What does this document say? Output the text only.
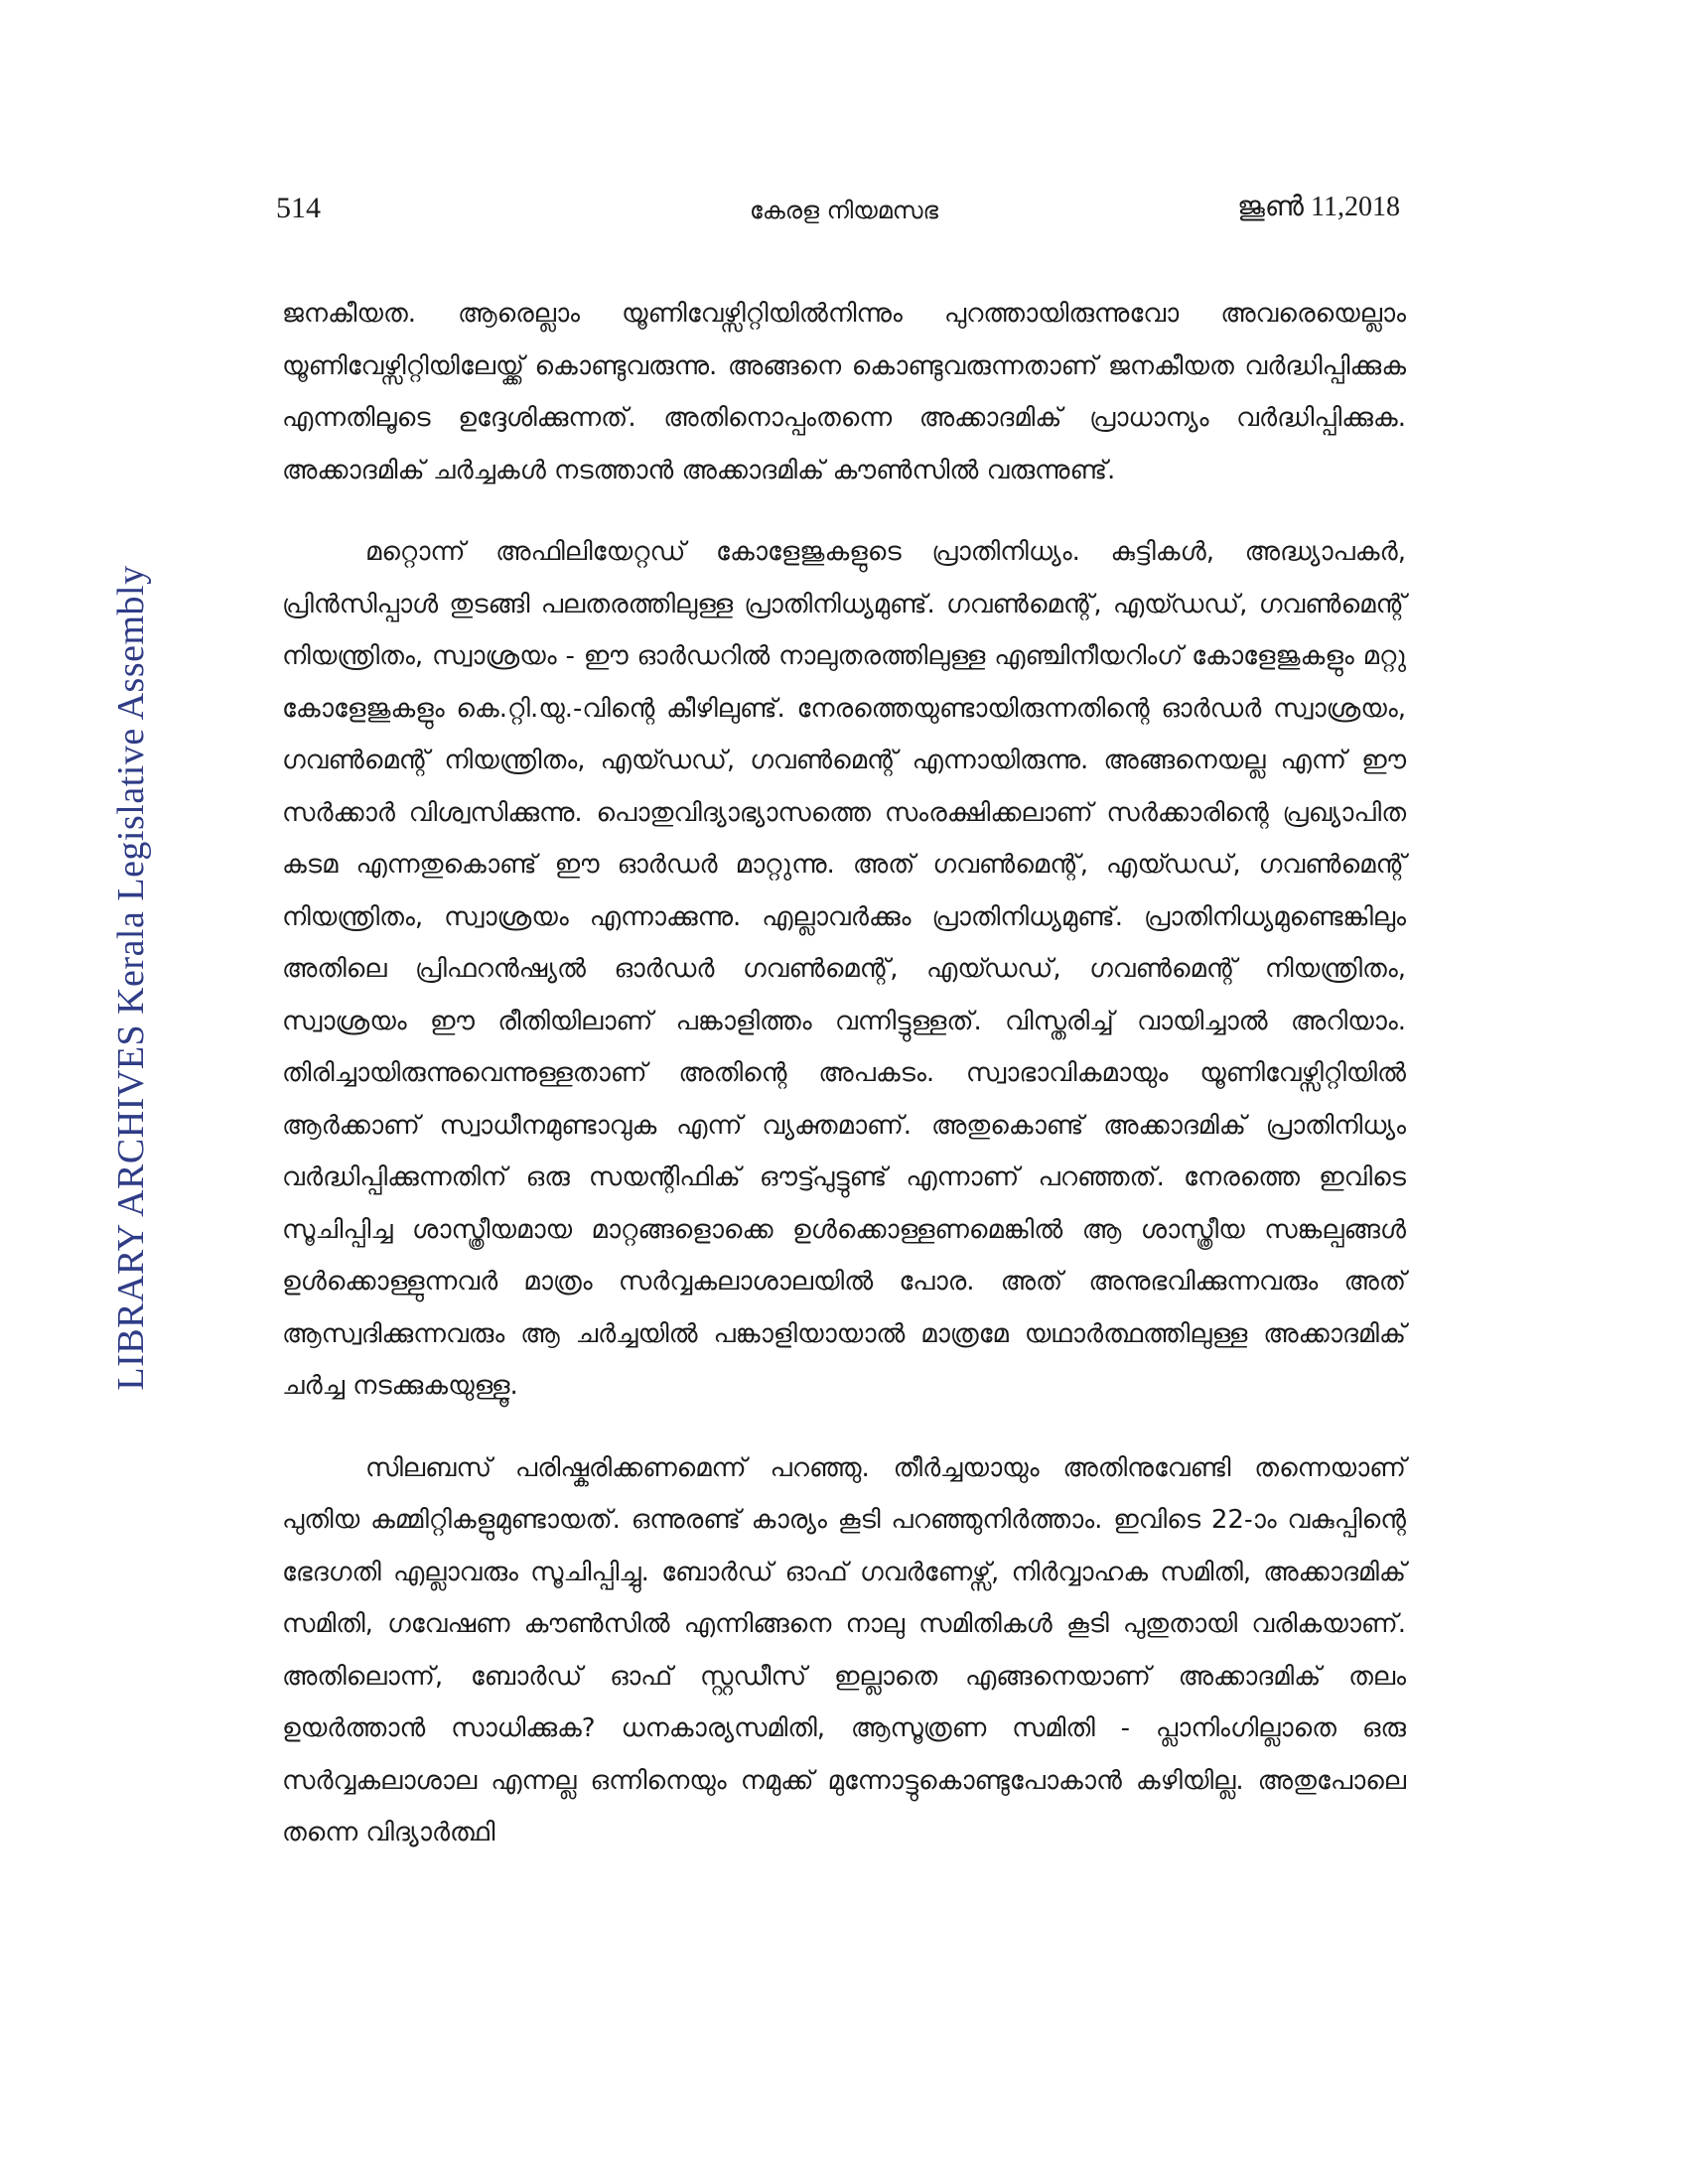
514	കേരള നിയമസഭ	ജൂൺ 11,2018
LIBRARY ARCHIVES Kerala Legislative Assembly

ജനകീയത. ആരെല്ലാം യൂണിവേഴ്സിറ്റിയിൽനിന്നും പുറത്തായിരുന്നുവോ അവരെയെല്ലാം യൂണിവേഴ്സിറ്റിയിലേയ്ക്ക് കൊണ്ടുവരുന്നു. അങ്ങനെ കൊണ്ടുവരുന്നതാണ് ജനകീയത വർദ്ധിപ്പിക്കുക എന്നതിലൂടെ ഉദ്ദേശിക്കുന്നത്. അതിനൊപ്പംതന്നെ അക്കാദമിക് പ്രാധാന്യം വർദ്ധിപ്പിക്കുക. അക്കാദമിക് ചർച്ചകൾ നടത്താൻ അക്കാദമിക് കൗൺസിൽ വരുന്നുണ്ട്.

മറ്റൊന്ന് അഫിലിയേറ്റഡ് കോളേജുകളുടെ പ്രാതിനിധ്യം. കുട്ടികൾ, അദ്ധ്യാപകർ, പ്രിൻസിപ്പാൾ തുടങ്ങി പലതരത്തിലുള്ള പ്രാതിനിധ്യമുണ്ട്. ഗവൺമെന്റ്, എയ്ഡഡ്, ഗവൺമെന്റ് നിയന്ത്രിതം, സ്വാശ്രയം - ഈ ഓർഡറിൽ നാലുതരത്തിലുള്ള എഞ്ചിനീയറിംഗ് കോളേജുകളും മറ്റു കോളേജുകളും കെ.റ്റി.യു.-വിന്റെ കീഴിലുണ്ട്. നേരത്തെയുണ്ടായിരുന്നതിന്റെ ഓർഡർ സ്വാശ്രയം, ഗവൺമെന്റ് നിയന്ത്രിതം, എയ്ഡഡ്, ഗവൺമെന്റ് എന്നായിരുന്നു. അങ്ങനെയല്ല എന്ന് ഈ സർക്കാർ വിശ്വസിക്കുന്നു. പൊതുവിദ്യാഭ്യാസത്തെ സംരക്ഷിക്കലാണ് സർക്കാരിന്റെ പ്രഖ്യാപിത കടമ എന്നതുകൊണ്ട് ഈ ഓർഡർ മാറ്റുന്നു. അത് ഗവൺമെന്റ്, എയ്ഡഡ്, ഗവൺമെന്റ് നിയന്ത്രിതം, സ്വാശ്രയം എന്നാക്കുന്നു. എല്ലാവർക്കും പ്രാതിനിധ്യമുണ്ട്. പ്രാതിനിധ്യമുണ്ടെങ്കിലും അതിലെ പ്രിഫറൻഷ്യൽ ഓർഡർ ഗവൺമെന്റ്, എയ്ഡഡ്, ഗവൺമെന്റ് നിയന്ത്രിതം, സ്വാശ്രയം ഈ രീതിയിലാണ് പങ്കാളിത്തം വന്നിട്ടുള്ളത്. വിസ്തരിച്ച് വായിച്ചാൽ അറിയാം. തിരിച്ചായിരുന്നുവെന്നുള്ളതാണ് അതിന്റെ അപകടം. സ്വാഭാവികമായും യൂണിവേഴ്സിറ്റിയിൽ ആർക്കാണ് സ്വാധീനമുണ്ടാവുക എന്ന് വ്യക്തമാണ്. അതുകൊണ്ട് അക്കാദമിക് പ്രാതിനിധ്യം വർദ്ധിപ്പിക്കുന്നതിന് ഒരു സയന്റിഫിക് ഔട്ട്പുട്ടുണ്ട് എന്നാണ് പറഞ്ഞത്. നേരത്തെ ഇവിടെ സൂചിപ്പിച്ച ശാസ്ത്രീയമായ മാറ്റങ്ങളൊക്കെ ഉൾക്കൊള്ളണമെങ്കിൽ ആ ശാസ്ത്രീയ സങ്കല്പങ്ങൾ ഉൾക്കൊള്ളുന്നവർ മാത്രം സർവ്വകലാശാലയിൽ പോര. അത് അനുഭവിക്കുന്നവരും അത് ആസ്വദിക്കുന്നവരും ആ ചർച്ചയിൽ പങ്കാളിയായാൽ മാത്രമേ യഥാർത്ഥത്തിലുള്ള അക്കാദമിക് ചർച്ച നടക്കുകയുള്ളൂ.

സിലബസ് പരിഷ്കരിക്കണമെന്ന് പറഞ്ഞു. തീർച്ചയായും അതിനുവേണ്ടി തന്നെയാണ് പുതിയ കമ്മിറ്റികളുമുണ്ടായത്. ഒന്നുരണ്ട് കാര്യം കൂടി പറഞ്ഞുനിർത്താം. ഇവിടെ 22-ാം വകുപ്പിന്റെ ഭേദഗതി എല്ലാവരും സൂചിപ്പിച്ചു. ബോർഡ് ഓഫ് ഗവർണേഴ്സ്, നിർവ്വാഹക സമിതി, അക്കാദമിക് സമിതി, ഗവേഷണ കൗൺസിൽ എന്നിങ്ങനെ നാലു സമിതികൾ കൂടി പുതുതായി വരികയാണ്. അതിലൊന്ന്, ബോർഡ് ഓഫ് സ്റ്റഡീസ് ഇല്ലാതെ എങ്ങനെയാണ് അക്കാദമിക് തലം ഉയർത്താൻ സാധിക്കുക? ധനകാര്യസമിതി, ആസൂത്രണ സമിതി - പ്ലാനിംഗില്ലാതെ ഒരു സർവ്വകലാശാല എന്നല്ല ഒന്നിനെയും നമുക്ക് മുന്നോട്ടുകൊണ്ടുപോകാൻ കഴിയില്ല. അതുപോലെ തന്നെ വിദ്യാർത്ഥി
